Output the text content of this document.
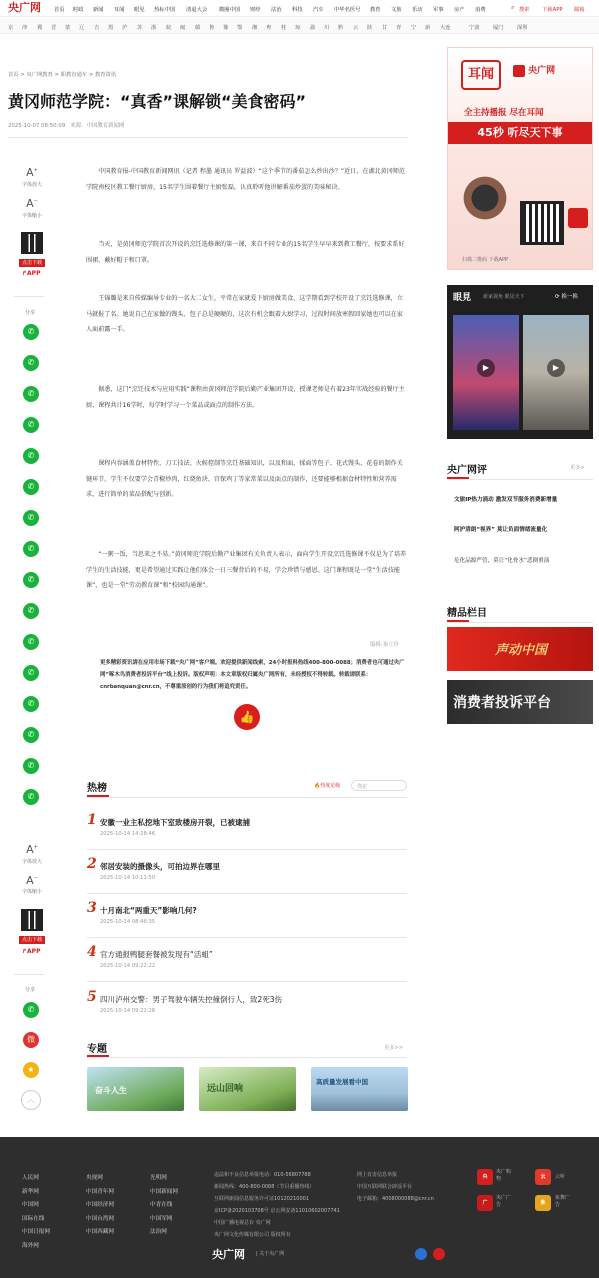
央广网	首页 时政 新闻 耳闻 眼见 热标中国 清退大会 微圈中国 财经 法治 科技 汽车 中华名医号 教育 文旅 乐活 军事 房产 消费	⌕ 搜索 下载APP 邮箱
京 津 冀 晋 蒙 辽 吉 黑 沪 苏 浙 皖 闽 赣 鲁 豫 鄂 湘 粤 桂 琼 渝 川 黔 云 陕 甘 青 宁 新 大连	宁波	厦门	深圳
首页 > 央广网教育 > 职教直通车 > 教育资讯
黄冈师范学院：“真香”课解锁“美食密码”
2025-10-07 08:50:09 来源：中国教育新闻网
A+
字体放大
A−
字体缩小
点击下载
↱APP
分享
✆
✆
✆
✆
✆
✆
✆
✆
✆
✆
✆
✆
✆
✆
✆
✆
中国教育报-中国教育新闻网讯（记者 程墨 通讯员 罗益波）“这个季节的番茄怎么炒出沙？”近日，在湖北黄冈师范学院南校区教工餐厅厨房，15名学生围着餐厅主厨张磊，认真聆听他讲解番茄炒蛋的美味秘诀。
当天，是黄冈师范学院首次开设的烹饪选修课的第一课，来自不同专业的15名学生早早来到教工餐厅，按要求系好围裙、戴好帽子和口罩。
王锦璐是来自传媒编导专业的一名大二女生，平常在家就爱下厨房做美食，这学期看到学校开设了烹饪选修课，立马就报了名。她说自己在家做的馒头、包子总是硬硬的，这次有机会跟着大厨学习，过段时间放寒假回家她也可以在家人面前露一手。
据悉，这门“烹饪技术与应用实践”课程由黄冈师范学院后勤产业集团开设，授课老师是有着23年实战经验的餐厅主厨，课程共计16学时，每学时学习一个菜品或面点的制作方法。
课程内容涵盖食材特性、刀工技法、火候控制等烹饪基础知识，以及和面、揉面等包子、花式馒头、花卷的制作关键环节。学生不仅要学会青椒炒肉、红烧鱼块、宫保鸡丁等家常菜以及面点的制作，还要能够根据食材特性和营养需求，进行简单的菜品搭配与创新。
“一粥一饭，当思来之不易。”黄冈师范学院后勤产业集团有关负责人表示，面向学生开设烹饪选修课不仅是为了培养学生的生活技能，更是希望通过实践让他们体会一日三餐背后的不易，学会珍惜与感恩。这门课程既是一堂“生活技能课”，也是一堂“劳动教育课”和“校园沟通课”。
编辑:秦立玲
更多精彩资讯请在应用市场下载“央广网”客户端。欢迎提供新闻线索，24小时报料热线400-800-0088；消费者也可通过央广网“啄木鸟消费者投诉平台”线上投诉。版权声明：本文章版权归属央广网所有，未经授权不得转载。转载请联系：cnrbanquan@cnr.cn，不尊重原创的行为我们将追究责任。
👍
A+
字体放大
A−
字体缩小
点击下载
↱APP
分享
✆
微
★
︿
热榜	🔥热度星级	搜索
1 安徽一业主私挖地下室致楼房开裂，已被逮捕
2025-10-14 14:28:46
2 邻居安装的摄像头，可拍边界在哪里
2025-10-14 10:11:50
3 十月南北“两重天”影响几何?
2025-10-14 08:46:35
4 官方通报鸭腿套餐被发现有“活蛆”
2025-10-14 09:22:22
5 四川泸州交警：男子驾驶车辆失控撞倒行人，致2死3伤
2025-10-14 09:22:28
专题	更多>>
奋斗人生	远山回响
高质量发展看中国
耳闻	央广网
全主持播报 尽在耳闻
45秒 听尽天下事
扫描二维码 下载APP
眼見 新家视角 眼见天下	⟳ 换一换
▶	▶
央广网评	更多>
文旅IP热力涌动 激发双节服务消费新增量
阿护清朗“视界” 莫让负面情绪流量化
危化品源严管，莫让“化骨水”悲剧重演
精品栏目
声动中国
消费者投诉平台
人民网
新华网
中国网
国际在线
中国日报网
海外网
央视网
中国青年网
中国经济网
中国台湾网
中国西藏网
光明网
中国新闻网
中青在线
中国军网
法治网
违法和不良信息举报电话：010-56807788
新闻热线：400-800-0088（节目重播热线）
互联网新闻信息服务许可证10120210001
京ICP备2020103708号 京公网安备11010602007741
中国广播电视总台 央广网
央广网文化传媒有限公司 版权所有
网上有害信息举报
中国互联网联合辟谣平台
电子邮箱：4008000088@cnr.cn
央广网 | 关于央广网
央
央广购物	云	云听
广
央广广告	象
象舞广告
